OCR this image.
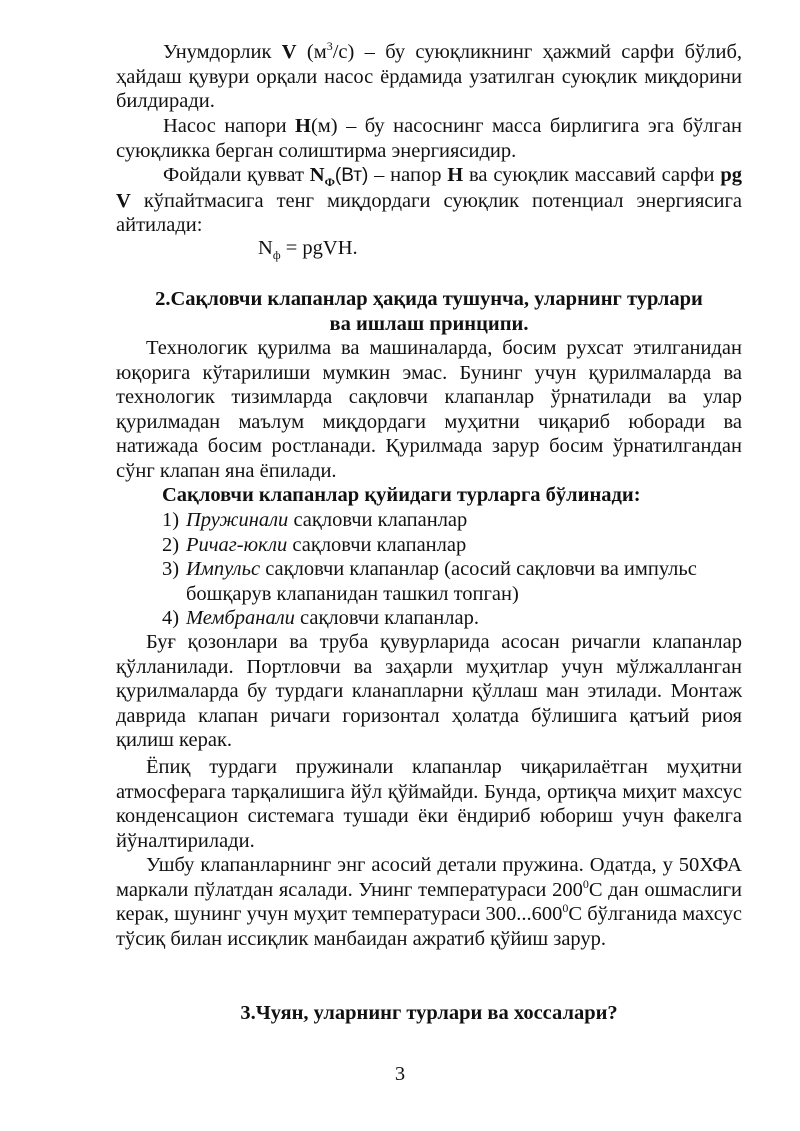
Унумдорлик V $(м^3/с)$ – бу суюқликнинг ҳажмий сарфи бўлиб, ҳайдаш қувури орқали насос ёрдамида узатилган суюқлик миқдорини билдиради.

Насос напори Н(м) – бу насоснинг масса бирлигига эга бўлган суюқликка берган солиштирма энергиясидир.

Фойдали қувват $N_Ф(Вт)$ – напор Н ва суюқлик массавий сарфи pg V кўпайтмасига тенг миқдордаги суюқлик потенциал энергиясига айтилади:

$N_ф$ = pgVH.

2.Сақловчи клапанлар ҳақида тушунча, уларнинг турлари
ва ишлаш принципи.

Технологик қурилма ва машиналарда, босим рухсат этилганидан юқорига кўтарилиши мумкин эмас. Бунинг учун қурилмаларда ва технологик тизимларда сақловчи клапанлар ўрнатилади ва улар қурилмадан маълум миқдордаги муҳитни чиқариб юборади ва натижада босим ростланади. Қурилмада зарур босим ўрнатилгандан сўнг клапан яна ёпилади.

Сақловчи клапанлар қуйидаги турларга бўлинади:

1) Пружинали сақловчи клапанлар
2) Ричаг-юкли сақловчи клапанлар
3) Импульс сақловчи клапанлар (асосий сақловчи ва импульс бошқарув клапанидан ташкил топган)
4) Мембранали сақловчи клапанлар.

Буғ қозонлари ва труба қувурларида асосан ричагли клапанлар қўлланилади. Портловчи ва заҳарли муҳитлар учун мўлжалланган қурилмаларда бу турдаги кланапларни қўллаш ман этилади. Монтаж даврида клапан ричаги горизонтал ҳолатда бўлишига қатъий риоя қилиш керак.

Ёпиқ турдаги пружинали клапанлар чиқарилаётган муҳитни атмосферага тарқалишига йўл қўймайди. Бунда, ортиқча миҳит махсус конденсацион системага тушади ёки ёндириб юбориш учун факелга йўналтирилади.

Ушбу клапанларнинг энг асосий детали пружина. Одатда, у 50ХФА маркали пўлатдан ясалади. Унинг температураси $200^0С$ дан ошмаслиги керак, шунинг учун муҳит температураси 300...600$^0$С бўлганида махсус тўсиқ билан иссиқлик манбаидан ажратиб қўйиш зарур.

3.Чуян, уларнинг турлари ва хоссалари?

3
